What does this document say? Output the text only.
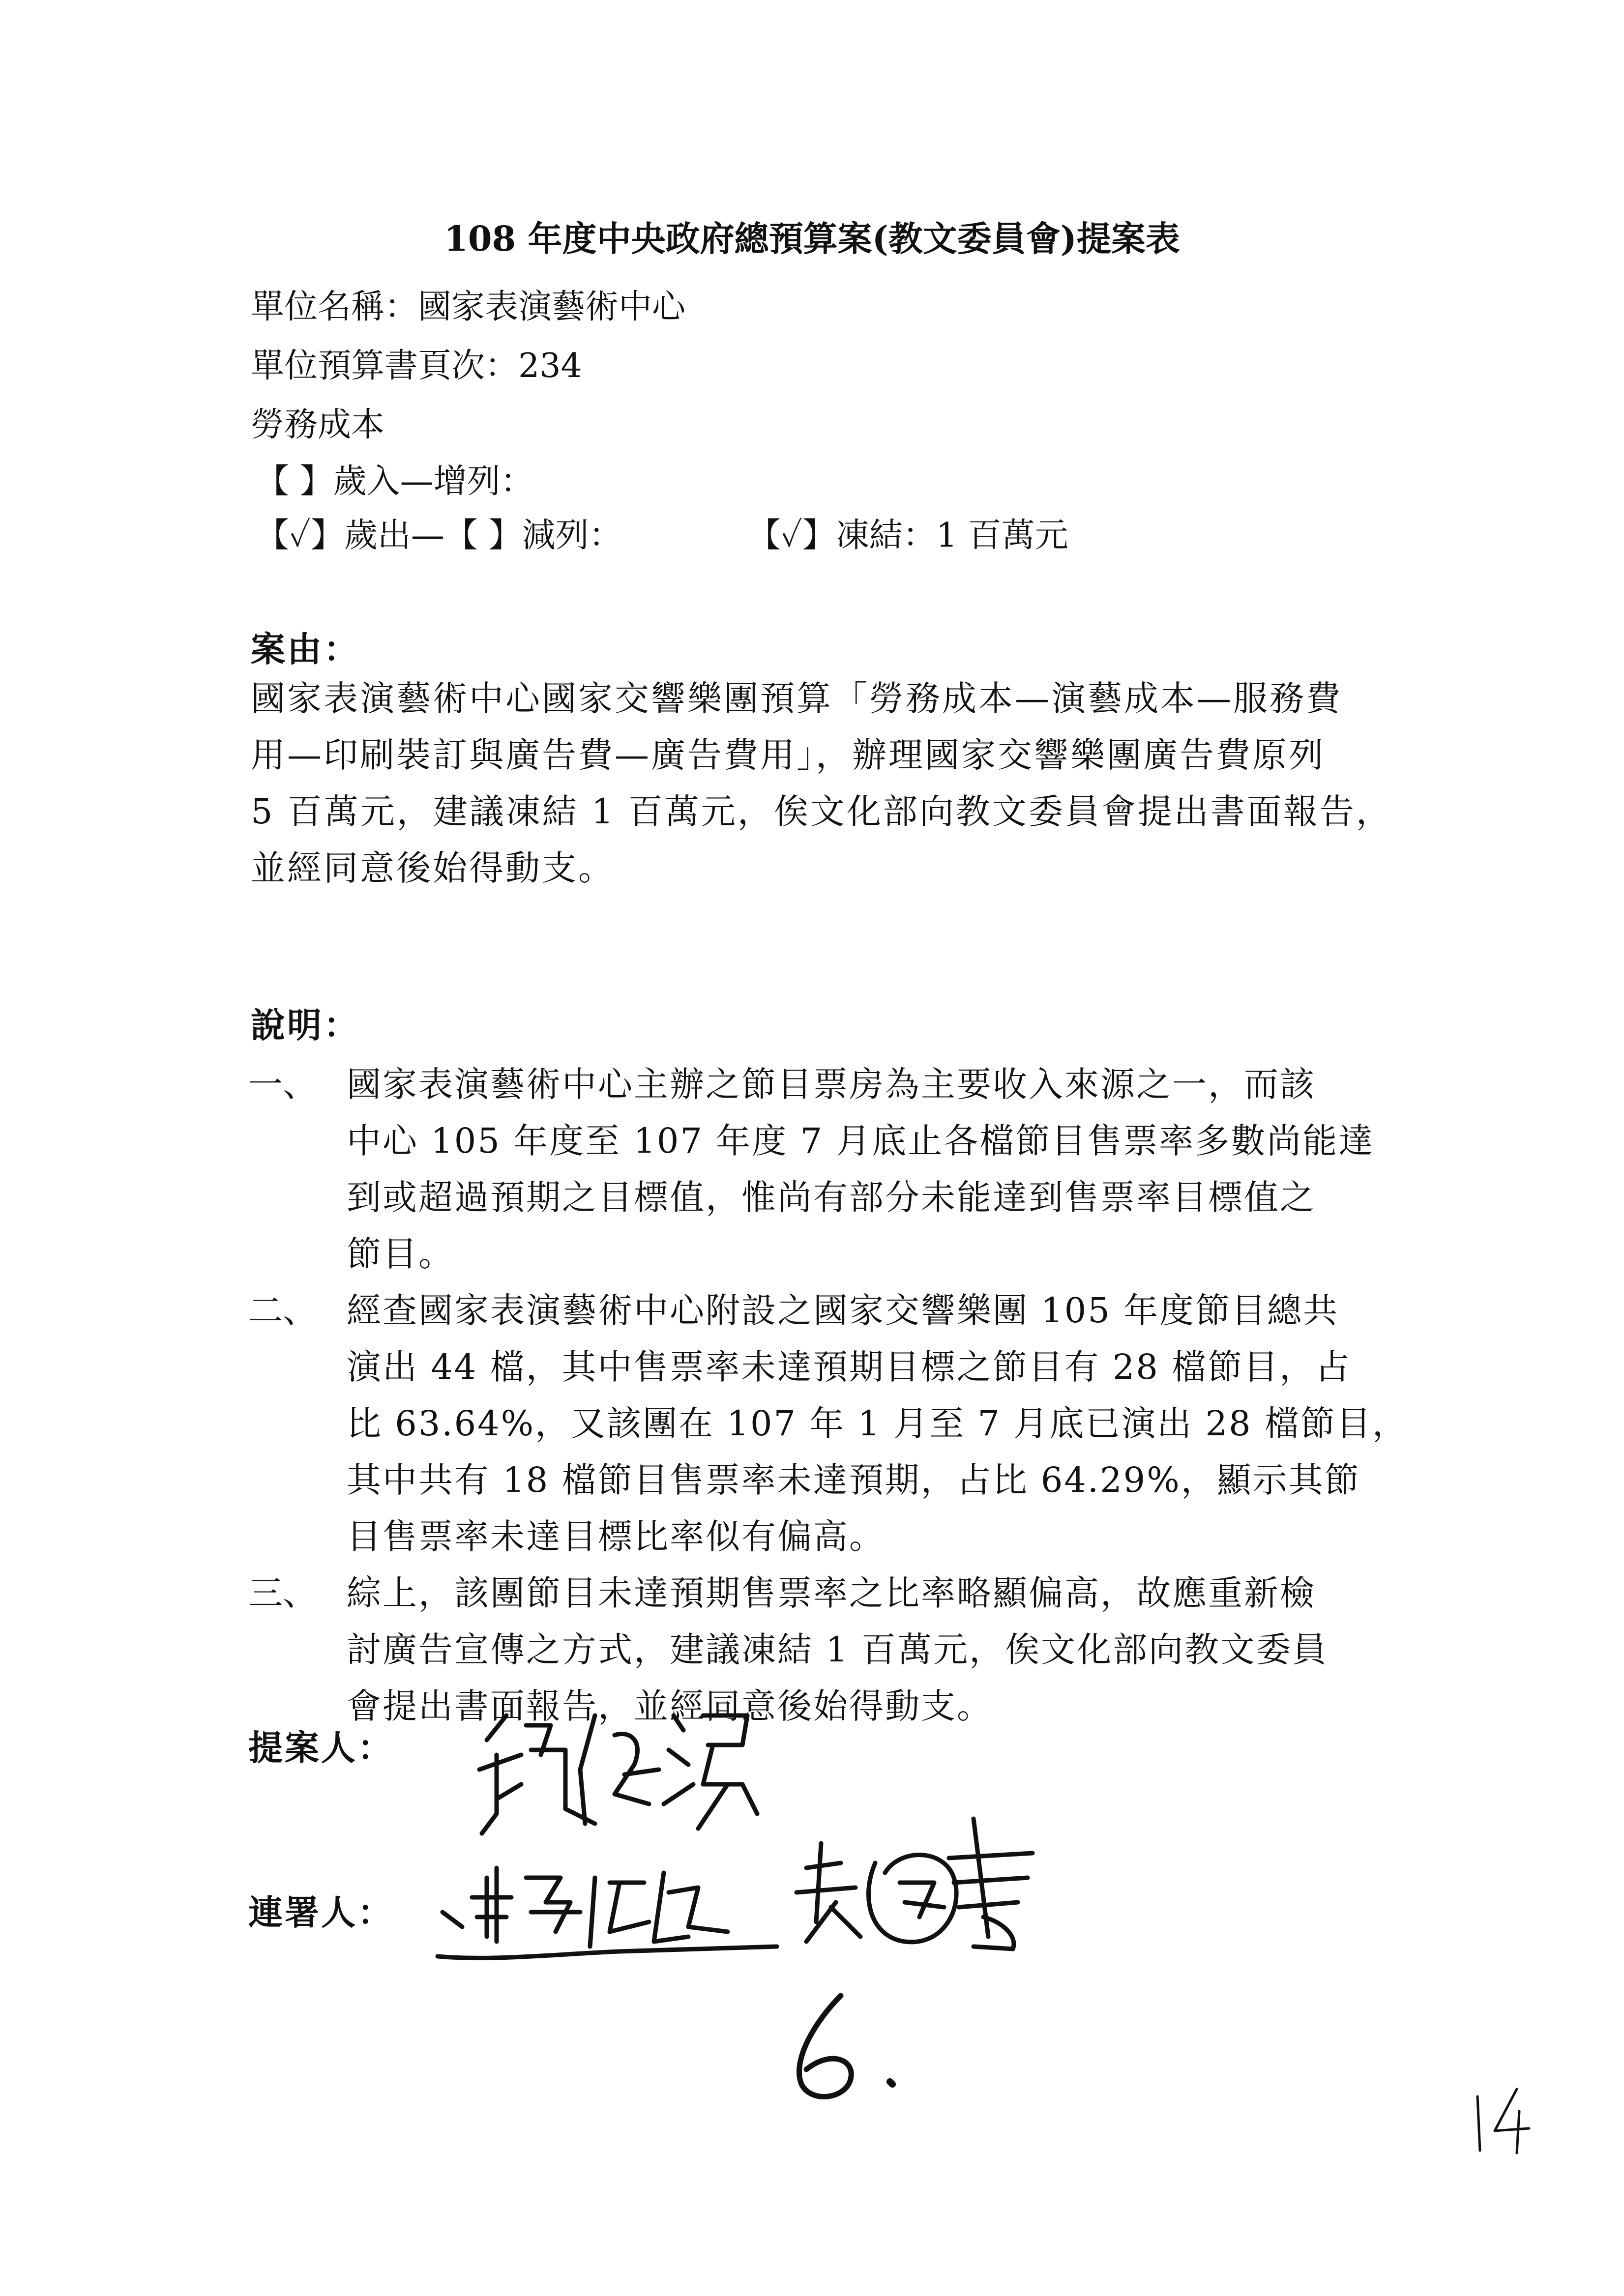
108 年度中央政府總預算案(教文委員會)提案表
單位名稱：國家表演藝術中心
單位預算書頁次：234
勞務成本
【 】歲入—增列：
【✓】歲出—【 】減列：	【✓】凍結：1 百萬元
案由：
國家表演藝術中心國家交響樂團預算「勞務成本—演藝成本—服務費
用—印刷裝訂與廣告費—廣告費用」，辦理國家交響樂團廣告費原列
5 百萬元，建議凍結 1 百萬元，俟文化部向教文委員會提出書面報告，
並經同意後始得動支。
說明：
一、 國家表演藝術中心主辦之節目票房為主要收入來源之一，而該
中心 105 年度至 107 年度 7 月底止各檔節目售票率多數尚能達
到或超過預期之目標值，惟尚有部分未能達到售票率目標值之
節目。
二、 經查國家表演藝術中心附設之國家交響樂團 105 年度節目總共
演出 44 檔，其中售票率未達預期目標之節目有 28 檔節目，占
比 63.64%，又該團在 107 年 1 月至 7 月底已演出 28 檔節目，
其中共有 18 檔節目售票率未達預期，占比 64.29%，顯示其節
目售票率未達目標比率似有偏高。
三、 綜上，該團節目未達預期售票率之比率略顯偏高，故應重新檢
討廣告宣傳之方式，建議凍結 1 百萬元，俟文化部向教文委員
會提出書面報告，並經同意後始得動支。
提案人：
連署人：
